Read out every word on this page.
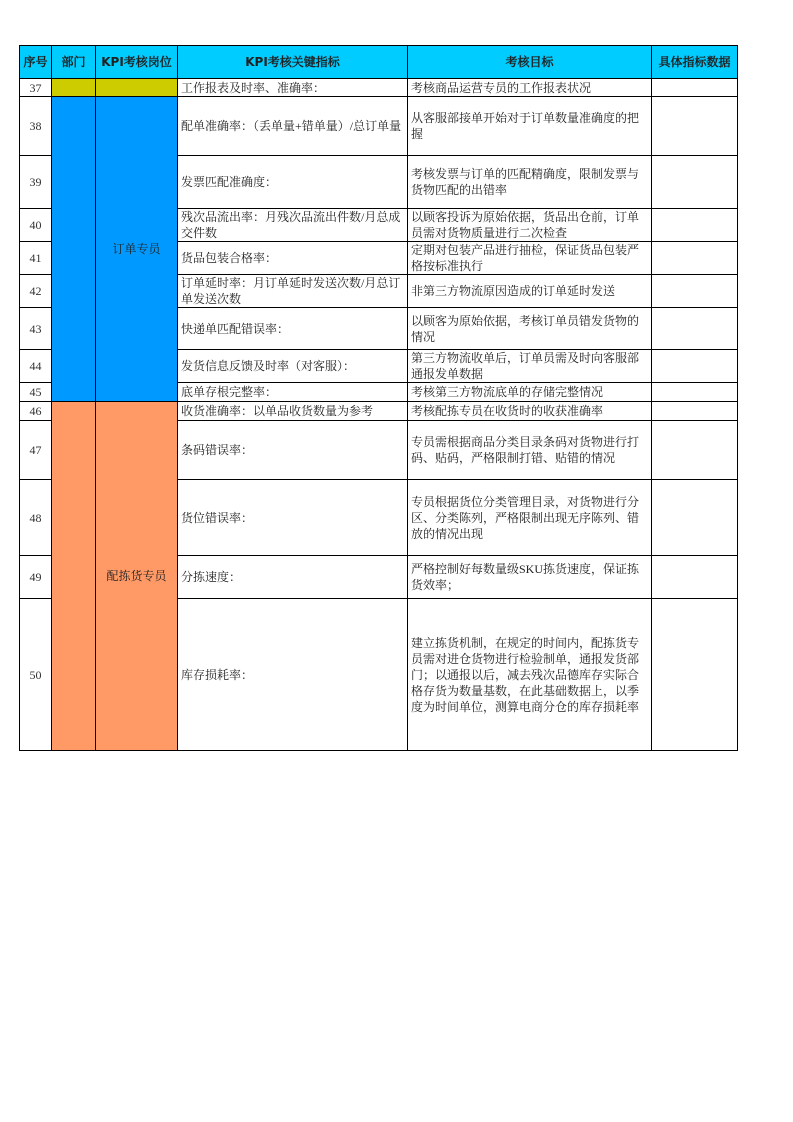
序号	部门	KPI考核岗位	KPI考核关键指标	考核目标	具体指标数据
37			工作报表及时率、准确率：	考核商品运营专员的工作报表状况	
38		订单专员	配单准确率：（丢单量+错单量）/总订单量	从客服部接单开始对于订单数量准确度的把握	
39			发票匹配准确度：	考核发票与订单的匹配精确度，限制发票与货物匹配的出错率	
40			残次品流出率：月残次品流出件数/月总成交件数	以顾客投诉为原始依据，货品出仓前，订单员需对货物质量进行二次检查	
41			货品包装合格率：	定期对包装产品进行抽检，保证货品包装严格按标准执行	
42			订单延时率：月订单延时发送次数/月总订单发送次数	非第三方物流原因造成的订单延时发送	
43			快递单匹配错误率：	以顾客为原始依据，考核订单员错发货物的情况	
44			发货信息反馈及时率（对客服）：	第三方物流收单后，订单员需及时向客服部通报发单数据	
45			底单存根完整率：	考核第三方物流底单的存储完整情况	
46		配拣货专员	收货准确率：以单品收货数量为参考	考核配拣专员在收货时的收获准确率	
47			条码错误率：	专员需根据商品分类目录条码对货物进行打码、贴码，严格限制打错、贴错的情况	
48			货位错误率：	专员根据货位分类管理目录，对货物进行分区、分类陈列，严格限制出现无序陈列、错放的情况出现	
49			分拣速度：	严格控制好每数量级SKU拣货速度，保证拣货效率；	
50			库存损耗率：	建立拣货机制，在规定的时间内，配拣货专员需对进仓货物进行检验制单，通报发货部门；以通报以后，减去残次品德库存实际合格存货为数量基数，在此基础数据上，以季度为时间单位，测算电商分仓的库存损耗率	
